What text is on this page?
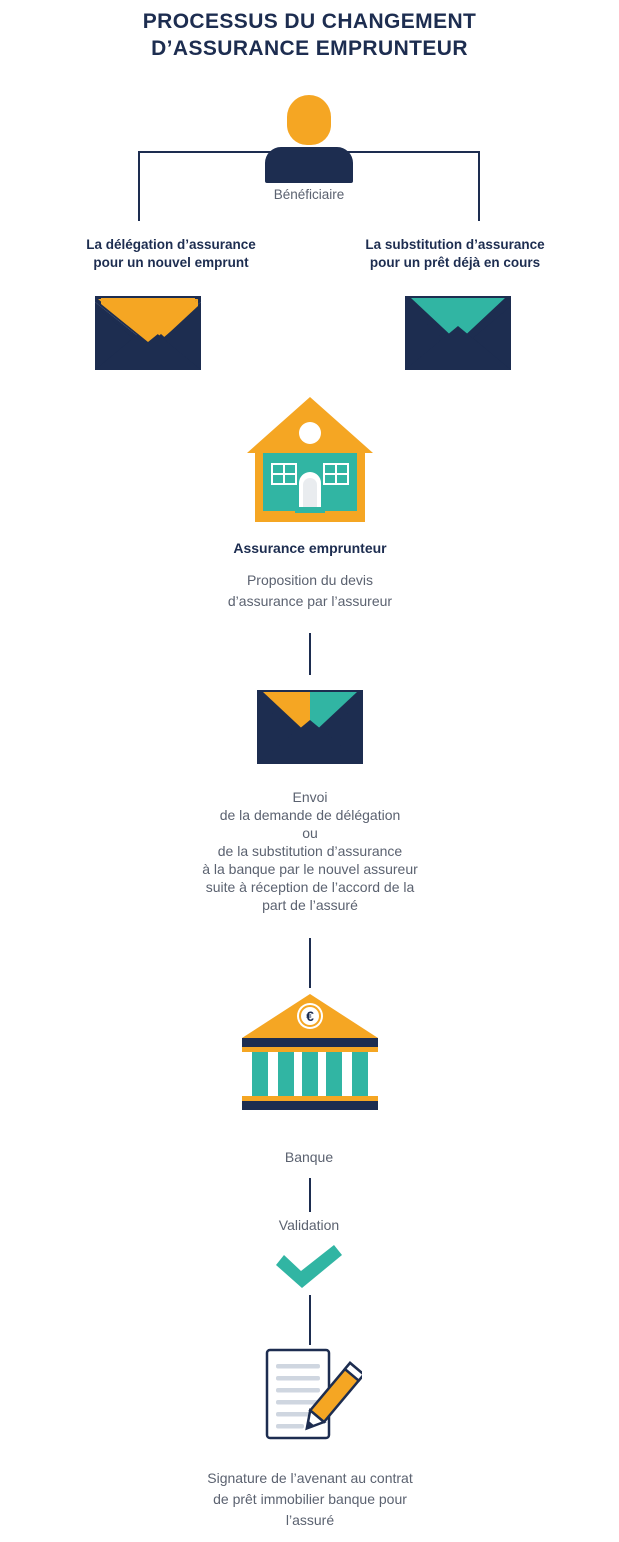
PROCESSUS DU CHANGEMENT
D’ASSURANCE EMPRUNTEUR
Bénéficiaire
La délégation d’assurance
pour un nouvel emprunt
La substitution d’assurance
pour un prêt déjà en cours
Assurance emprunteur
Proposition du devis
d’assurance par l’assureur
Envoi
de la demande de délégation
ou
de la substitution d’assurance
à la banque par le nouvel assureur
suite à réception de l’accord de la
part de l’assuré
€
Banque
Validation
Signature de l’avenant au contrat
de prêt immobilier banque pour
l’assuré
